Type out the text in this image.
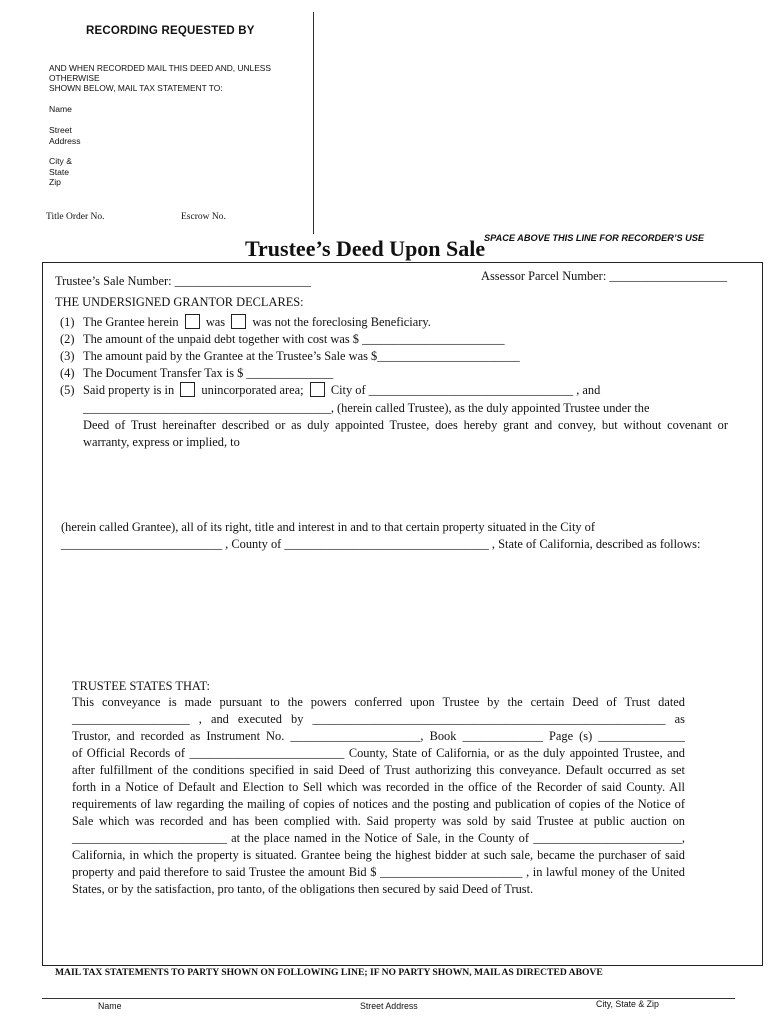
RECORDING REQUESTED BY
AND WHEN RECORDED MAIL THIS DEED AND, UNLESS OTHERWISE
SHOWN BELOW, MAIL TAX STATEMENT TO:
Name
Street
Address
City &
State
Zip
Title Order No.	Escrow No.
SPACE ABOVE THIS LINE FOR RECORDER’S USE
Trustee’s Deed Upon Sale
Trustee’s Sale Number: ______________________	Assessor Parcel Number: ___________________
THE UNDERSIGNED GRANTOR DECLARES:
(1) The Grantee herein was was not the foreclosing Beneficiary.
(2) The amount of the unpaid debt together with cost was $ _______________________
(3) The amount paid by the Grantee at the Trustee’s Sale was $_______________________
(4) The Document Transfer Tax is $ ______________
(5) Said property is in unincorporated area; City of _________________________________ , and
________________________________________, (herein called Trustee), as the duly appointed Trustee under the
Deed of Trust hereinafter described or as duly appointed Trustee, does hereby grant and convey, but without covenant or
warranty, express or implied, to
(herein called Grantee), all of its right, title and interest in and to that certain property situated in the City of
__________________________ , County of _________________________________ , State of California, described as follows:
TRUSTEE STATES THAT:
This conveyance is made pursuant to the powers conferred upon Trustee by the certain Deed of Trust dated
___________________ , and executed by _________________________________________________________ as
Trustor, and recorded as Instrument No. _____________________, Book _____________ Page (s) ______________
of Official Records of _________________________ County, State of California, or as the duly appointed Trustee, and
after fulfillment of the conditions specified in said Deed of Trust authorizing this conveyance. Default occurred as set
forth in a Notice of Default and Election to Sell which was recorded in the office of the Recorder of said County. All
requirements of law regarding the mailing of copies of notices and the posting and publication of copies of the Notice of
Sale which was recorded and has been complied with. Said property was sold by said Trustee at public auction on
_________________________ at the place named in the Notice of Sale, in the County of ________________________,
California, in which the property is situated. Grantee being the highest bidder at such sale, became the purchaser of said
property and paid therefore to said Trustee the amount Bid $ _______________________ , in lawful money of the United
States, or by the satisfaction, pro tanto, of the obligations then secured by said Deed of Trust.
MAIL TAX STATEMENTS TO PARTY SHOWN ON FOLLOWING LINE; IF NO PARTY SHOWN, MAIL AS DIRECTED ABOVE
Name	Street Address	City, State & Zip
